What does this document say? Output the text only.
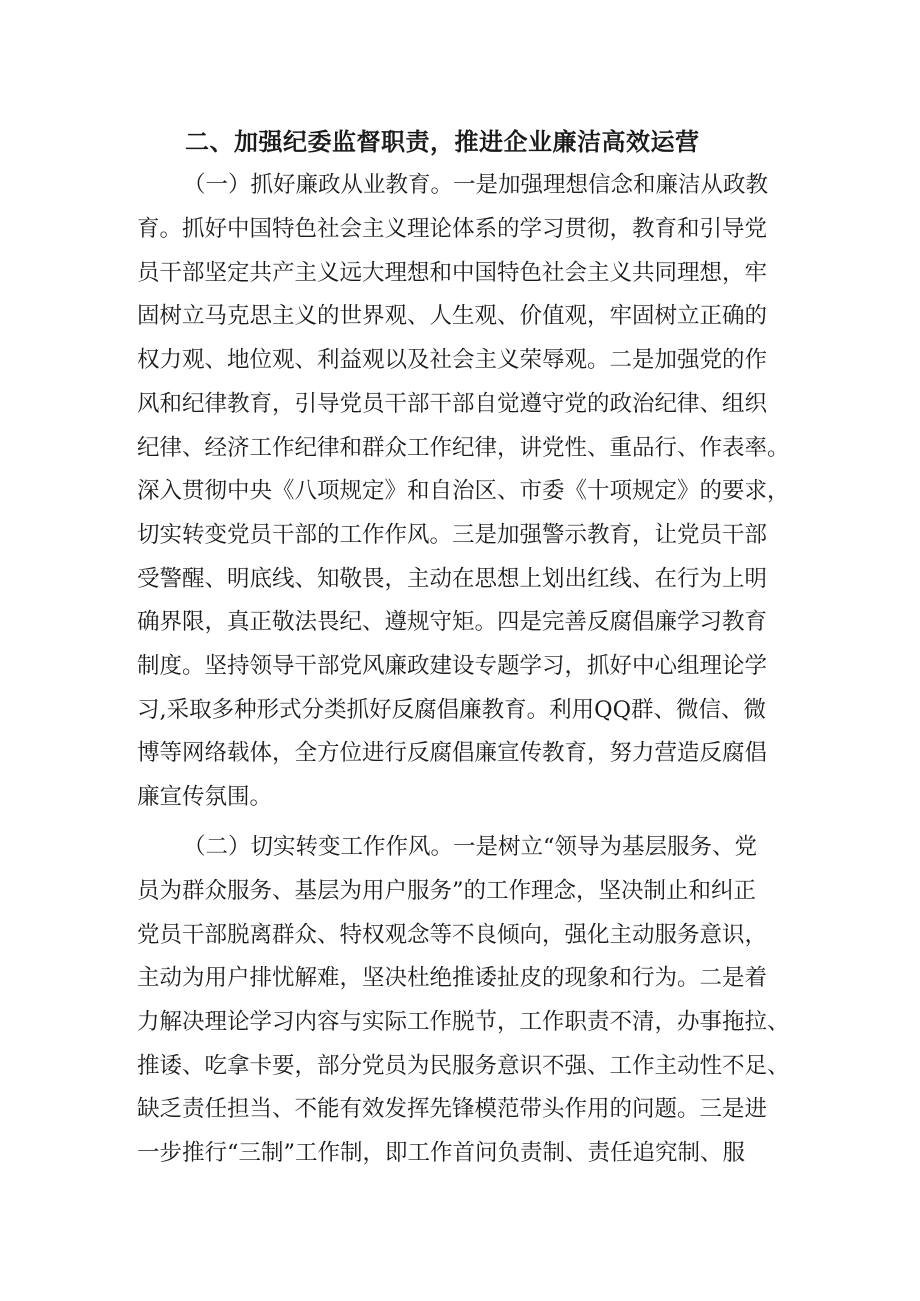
二、加强纪委监督职责，推进企业廉洁高效运营
（一）抓好廉政从业教育。一是加强理想信念和廉洁从政教
育。抓好中国特色社会主义理论体系的学习贯彻，教育和引导党
员干部坚定共产主义远大理想和中国特色社会主义共同理想，牢
固树立马克思主义的世界观、人生观、价值观，牢固树立正确的
权力观、地位观、利益观以及社会主义荣辱观。二是加强党的作
风和纪律教育，引导党员干部干部自觉遵守党的政治纪律、组织
纪律、经济工作纪律和群众工作纪律，讲党性、重品行、作表率。
深入贯彻中央《八项规定》和自治区、市委《十项规定》的要求，
切实转变党员干部的工作作风。三是加强警示教育，让党员干部
受警醒、明底线、知敬畏，主动在思想上划出红线、在行为上明
确界限，真正敬法畏纪、遵规守矩。四是完善反腐倡廉学习教育
制度。坚持领导干部党风廉政建设专题学习，抓好中心组理论学
习,采取多种形式分类抓好反腐倡廉教育。利用QQ群、微信、微
博等网络载体，全方位进行反腐倡廉宣传教育，努力营造反腐倡
廉宣传氛围。
（二）切实转变工作作风。一是树立“领导为基层服务、党
员为群众服务、基层为用户服务”的工作理念，坚决制止和纠正
党员干部脱离群众、特权观念等不良倾向，强化主动服务意识，
主动为用户排忧解难，坚决杜绝推诿扯皮的现象和行为。二是着
力解决理论学习内容与实际工作脱节，工作职责不清，办事拖拉、
推诿、吃拿卡要，部分党员为民服务意识不强、工作主动性不足、
缺乏责任担当、不能有效发挥先锋模范带头作用的问题。三是进
一步推行“三制”工作制，即工作首问负责制、责任追究制、服
